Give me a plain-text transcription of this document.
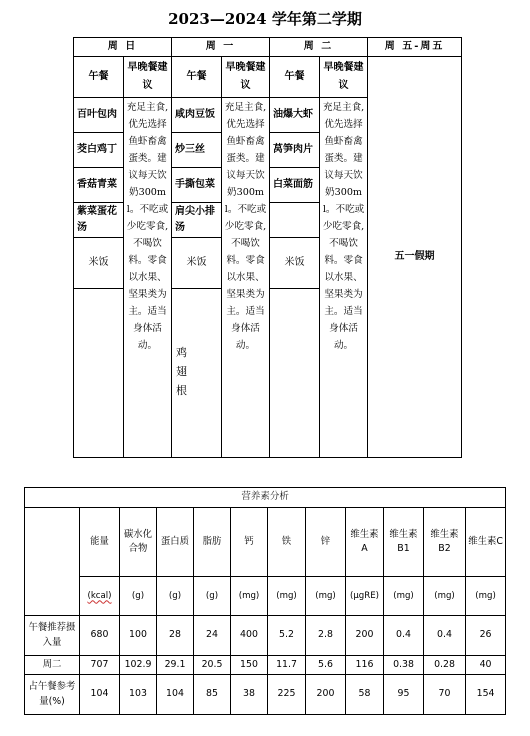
2023—2024 学年第二学期
周 日		周 一		周 二		周 五-周五
午餐	早晚餐建议	午餐	早晚餐建议	午餐	早晚餐建议	五一假期
百叶包肉	充足主食,优先选择鱼虾畜禽蛋类。建议每天饮奶300ml。不吃或少吃零食,不喝饮料。零食以水果、坚果类为主。适当身体活动。	咸肉豆饭	充足主食,优先选择鱼虾畜禽蛋类。建议每天饮奶300ml。不吃或少吃零食,不喝饮料。零食以水果、坚果类为主。适当身体活动。	油爆大虾	充足主食,优先选择鱼虾畜禽蛋类。建议每天饮奶300ml。不吃或少吃零食,不喝饮料。零食以水果、坚果类为主。适当身体活动。	
茭白鸡丁		炒三丝		莴笋肉片		
香菇青菜		手撕包菜		白菜面筋		
紫菜蛋花汤		肩尖小排汤				
米饭		米饭		米饭		
		鸡 翅 根				
营养素分析											
	能量	碳水化合物	蛋白质	脂肪	钙	铁	锌	维生素A	维生素B1	维生素B2	维生素C
	(kcal)	(g)	(g)	(g)	(mg)	(mg)	(mg)	(μgRE)	(mg)	(mg)	(mg)
午餐推荐摄入量	680	100	28	24	400	5.2	2.8	200	0.4	0.4	26
周二	707	102.9	29.1	20.5	150	11.7	5.6	116	0.38	0.28	40
占午餐参考量(%)	104	103	104	85	38	225	200	58	95	70	154
